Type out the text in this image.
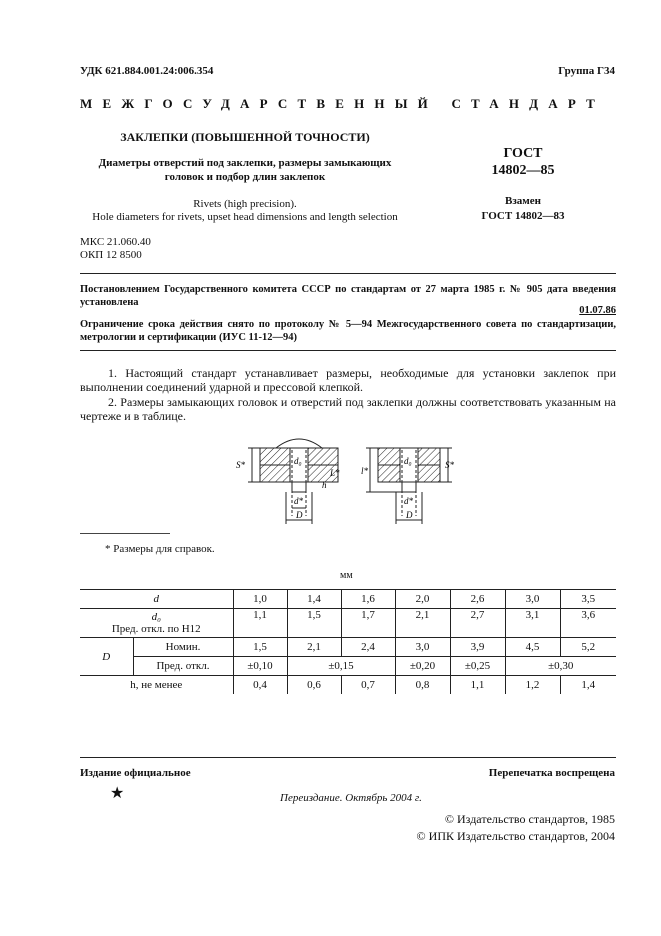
УДК 621.884.001.24:006.354	Группа Г34
МЕЖГОСУДАРСТВЕННЫЙ СТАНДАРТ
ЗАКЛЕПКИ (ПОВЫШЕННОЙ ТОЧНОСТИ)
Диаметры отверстий под заклепки, размеры замыкающих головок и подбор длин заклепок
Rivets (high precision).
Hole diameters for rivets, upset head dimensions and length selection
ГОСТ
14802—85
Взамен
ГОСТ 14802—83
МКС 21.060.40
ОКП 12 8500
Постановлением Государственного комитета СССР по стандартам от 27 марта 1985 г. № 905 дата введения установлена
01.07.86
Ограничение срока действия снято по протоколу № 5—94 Межгосударственного совета по стандартизации, метрологии и сертификации (ИУС 11-12—94)
1. Настоящий стандарт устанавливает размеры, необходимые для установки заклепок при выполнении соединений ударной и прессовой клепкой.
2. Размеры замыкающих головок и отверстий под заклепки должны соответствовать указанным на чертеже и в таблице.
S*	d₀
d*
D
h
L*
d₀
d*
D
l*
S*
* Размеры для справок.
мм
d		1,0	1,4	1,6	2,0	2,6	3,0	3,5

d₀
Пред. откл. по H12		1,1	1,5	1,7	2,1	2,7	3,1	3,6
D	Номин.	1,5	2,1	2,4	3,0	3,9	4,5	5,2
	Пред. откл.	±0,10	±0,15		±0,20	±0,25	±0,30	
h, не менее		0,4	0,6	0,7	0,8	1,1	1,2	1,4
Издание официальное	Перепечатка воспрещена
★	Переиздание. Октябрь 2004 г.
© Издательство стандартов, 1985
© ИПК Издательство стандартов, 2004
